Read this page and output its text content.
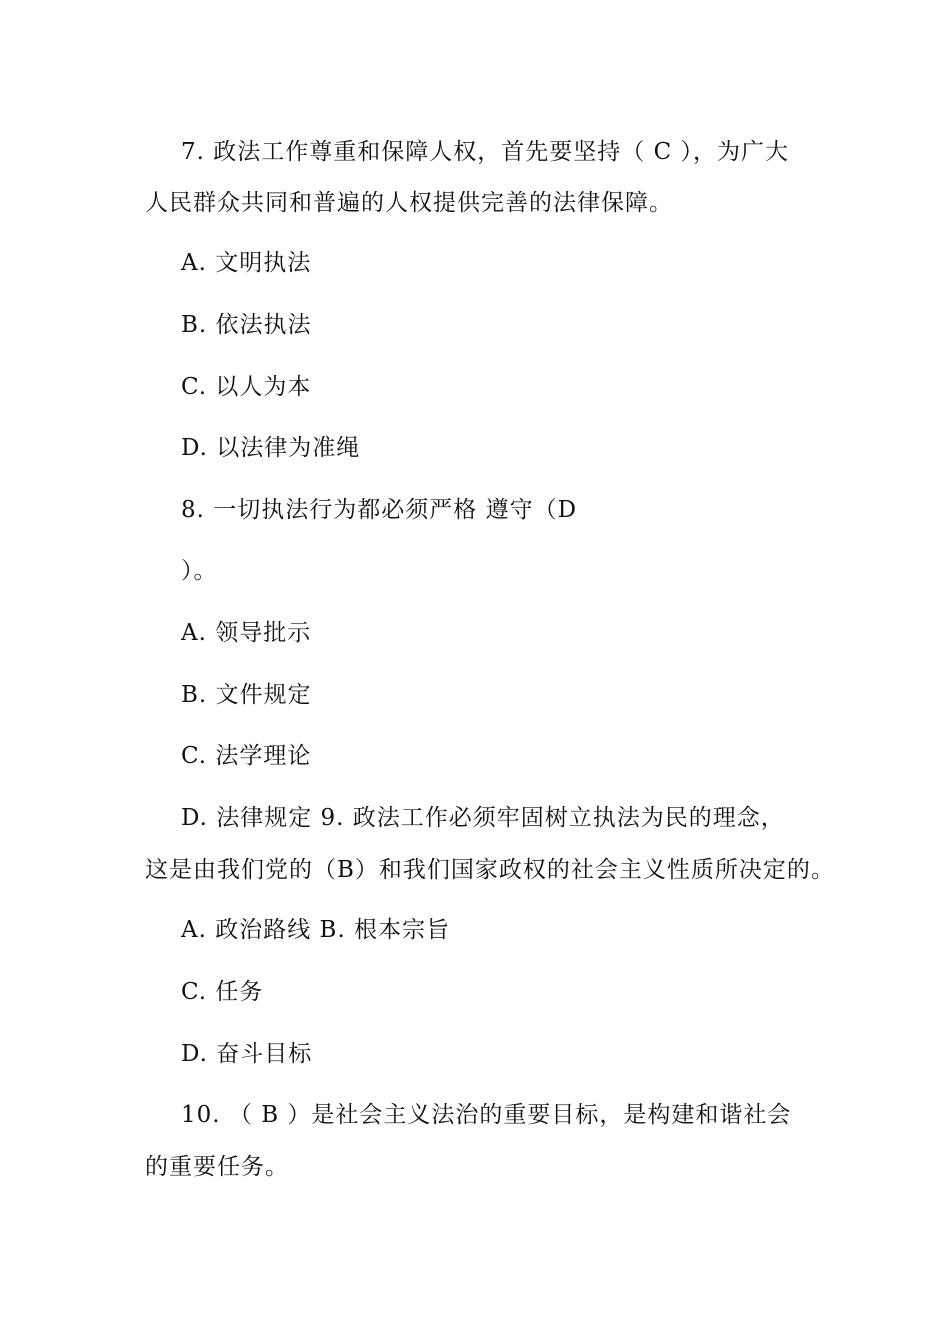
7. 政法工作尊重和保障人权，首先要坚持（ C ），为广大
人民群众共同和普遍的人权提供完善的法律保障。
A. 文明执法
B. 依法执法
C. 以人为本
D. 以法律为准绳
8. 一切执法行为都必须严格 遵守（D
）。
A. 领导批示
B. 文件规定
C. 法学理论
D. 法律规定 9. 政法工作必须牢固树立执法为民的理念，
这是由我们党的（B）和我们国家政权的社会主义性质所决定的。
A. 政治路线 B. 根本宗旨
C. 任务
D. 奋斗目标
10. （ B ）是社会主义法治的重要目标，是构建和谐社会
的重要任务。
